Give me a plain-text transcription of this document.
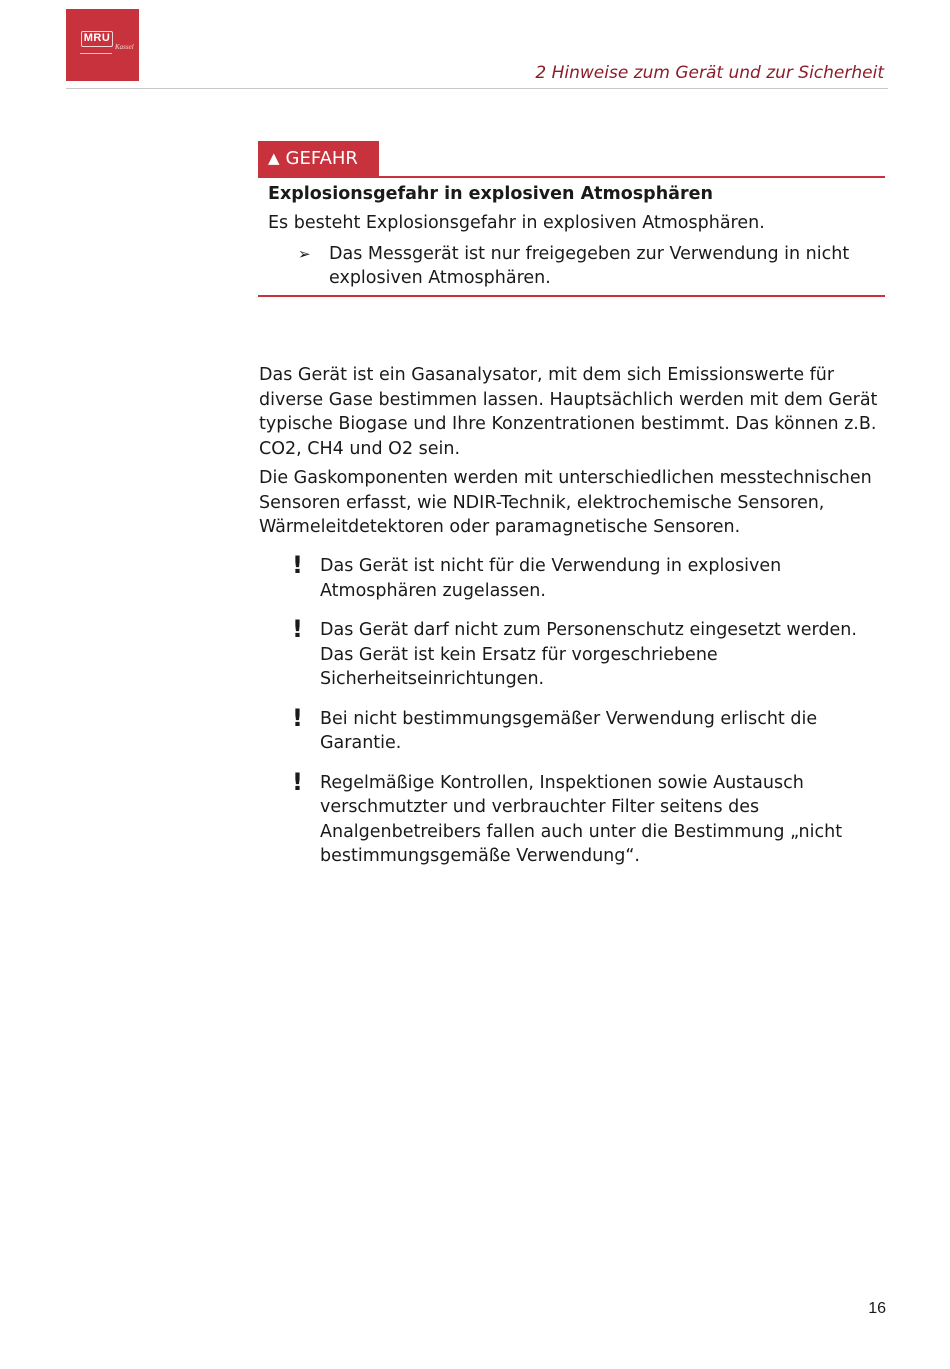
MRU
Kassel
2 Hinweise zum Gerät und zur Sicherheit
▲ GEFAHR
Explosionsgefahr in explosiven Atmosphären
Es besteht Explosionsgefahr in explosiven Atmosphären.
➢ Das Messgerät ist nur freigegeben zur Verwendung in nicht explosiven Atmosphären.

Das Gerät ist ein Gasanalysator, mit dem sich Emissionswerte für diverse Gase bestimmen lassen. Hauptsächlich werden mit dem Gerät typische Biogase und Ihre Konzentrationen bestimmt. Das können z.B. CO2, CH4 und O2 sein.

Die Gaskomponenten werden mit unterschiedlichen messtechnischen Sensoren erfasst, wie NDIR-Technik, elektrochemische Sensoren, Wärmeleitdetektoren oder paramagnetische Sensoren.

! Das Gerät ist nicht für die Verwendung in explosiven Atmosphären zugelassen.
! Das Gerät darf nicht zum Personenschutz eingesetzt werden. Das Gerät ist kein Ersatz für vorgeschriebene Sicherheitseinrichtungen.
! Bei nicht bestimmungsgemäßer Verwendung erlischt die Garantie.
! Regelmäßige Kontrollen, Inspektionen sowie Austausch verschmutzter und verbrauchter Filter seitens des Analgenbetreibers fallen auch unter die Bestimmung „nicht bestimmungsgemäße Verwendung“.
16
